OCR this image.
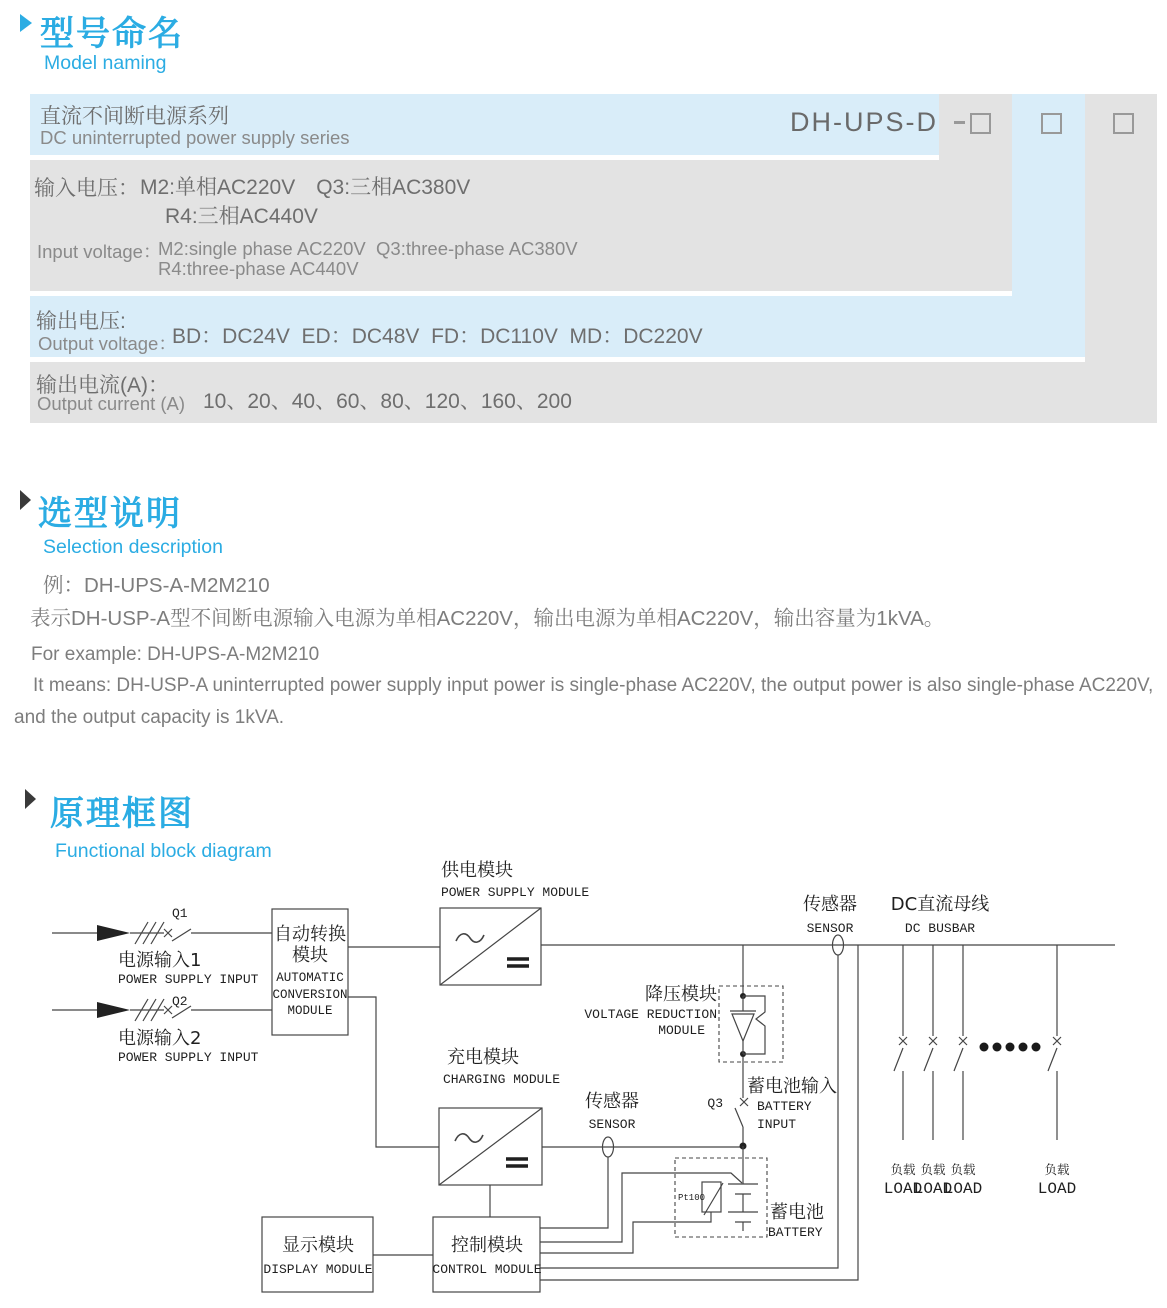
型号命名
Model naming
直流不间断电源系列
DC uninterrupted power supply series
DH-UPS-D
输入电压： M2:单相AC220V　Q3:三相AC380V
R4:三相AC440V
Input voltage：
M2:single phase AC220V  Q3:three-phase AC380V
R4:three-phase AC440V
输出电压:
Output voltage：
BD：DC24V  ED：DC48V  FD：DC110V  MD：DC220V
输出电流(A)：
Output current (A) 10、20、40、60、80、120、160、200
选型说明
Selection description
例：DH-UPS-A-M2M210
表示DH-USP-A型不间断电源输入电源为单相AC220V，输出电源为单相AC220V，输出容量为1kVA。
For example: DH-UPS-A-M2M210
It means: DH-USP-A uninterrupted power supply input power is single-phase AC220V, the output power is also single-phase AC220V,
and the output capacity is 1kVA.
原理框图
Functional block diagram
Q1
Q2
电源输入1
POWER SUPPLY INPUT
电源输入2
POWER SUPPLY INPUT
自动转换
模块
AUTOMATIC
CONVERSION
MODULE
供电模块
POWER SUPPLY MODULE
传感器
SENSOR
DC直流母线
DC BUSBAR
降压模块
VOLTAGE REDUCTION
MODULE
Q3
蓄电池输入
BATTERY
INPUT
充电模块
CHARGING MODULE
传感器
SENSOR
Pt100
蓄电池
BATTERY
控制模块
CONTROL MODULE
显示模块
DISPLAY MODULE
负载
LOAD
负载
LOAD
负载
LOAD
负载
LOAD
